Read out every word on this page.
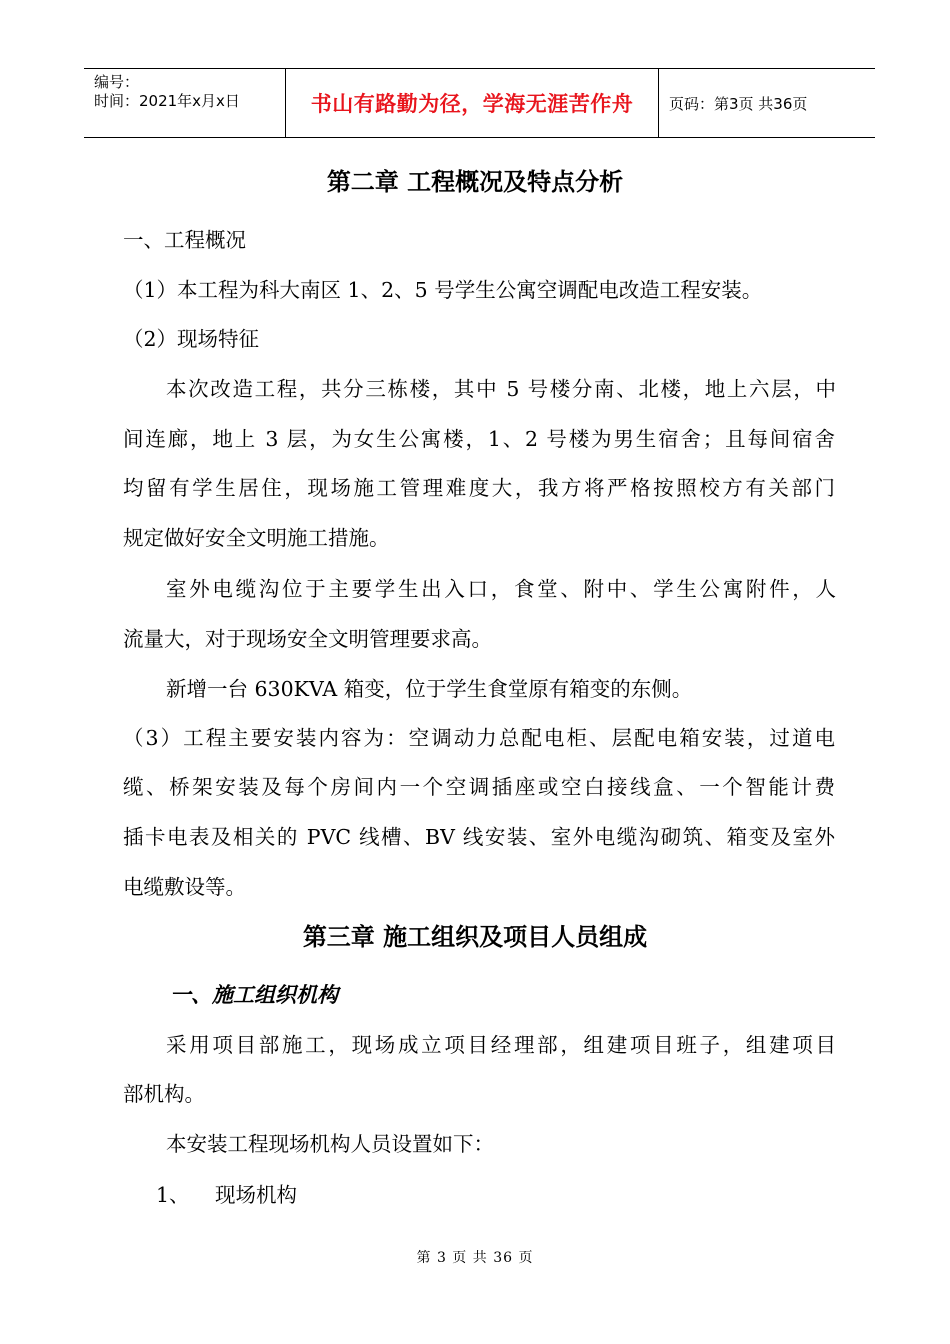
编号：
时间：2021年x月x日	书山有路勤为径，学海无涯苦作舟 页码：第3页 共36页
第二章 工程概况及特点分析
一、工程概况
（1）本工程为科大南区 1、2、5 号学生公寓空调配电改造工程安装。
（2）现场特征
本次改造工程，共分三栋楼，其中 5 号楼分南、北楼，地上六层，中
间连廊，地上 3 层，为女生公寓楼，1、2 号楼为男生宿舍；且每间宿舍
均留有学生居住，现场施工管理难度大，我方将严格按照校方有关部门
规定做好安全文明施工措施。
室外电缆沟位于主要学生出入口，食堂、附中、学生公寓附件，人
流量大，对于现场安全文明管理要求高。
新增一台 630KVA 箱变，位于学生食堂原有箱变的东侧。
（3）工程主要安装内容为：空调动力总配电柜、层配电箱安装，过道电
缆、桥架安装及每个房间内一个空调插座或空白接线盒、一个智能计费
插卡电表及相关的 PVC 线槽、BV 线安装、室外电缆沟砌筑、箱变及室外
电缆敷设等。
第三章 施工组织及项目人员组成
一、施工组织机构
采用项目部施工，现场成立项目经理部，组建项目班子，组建项目
部机构。
本安装工程现场机构人员设置如下：
1、 现场机构
第 3 页 共 36 页
